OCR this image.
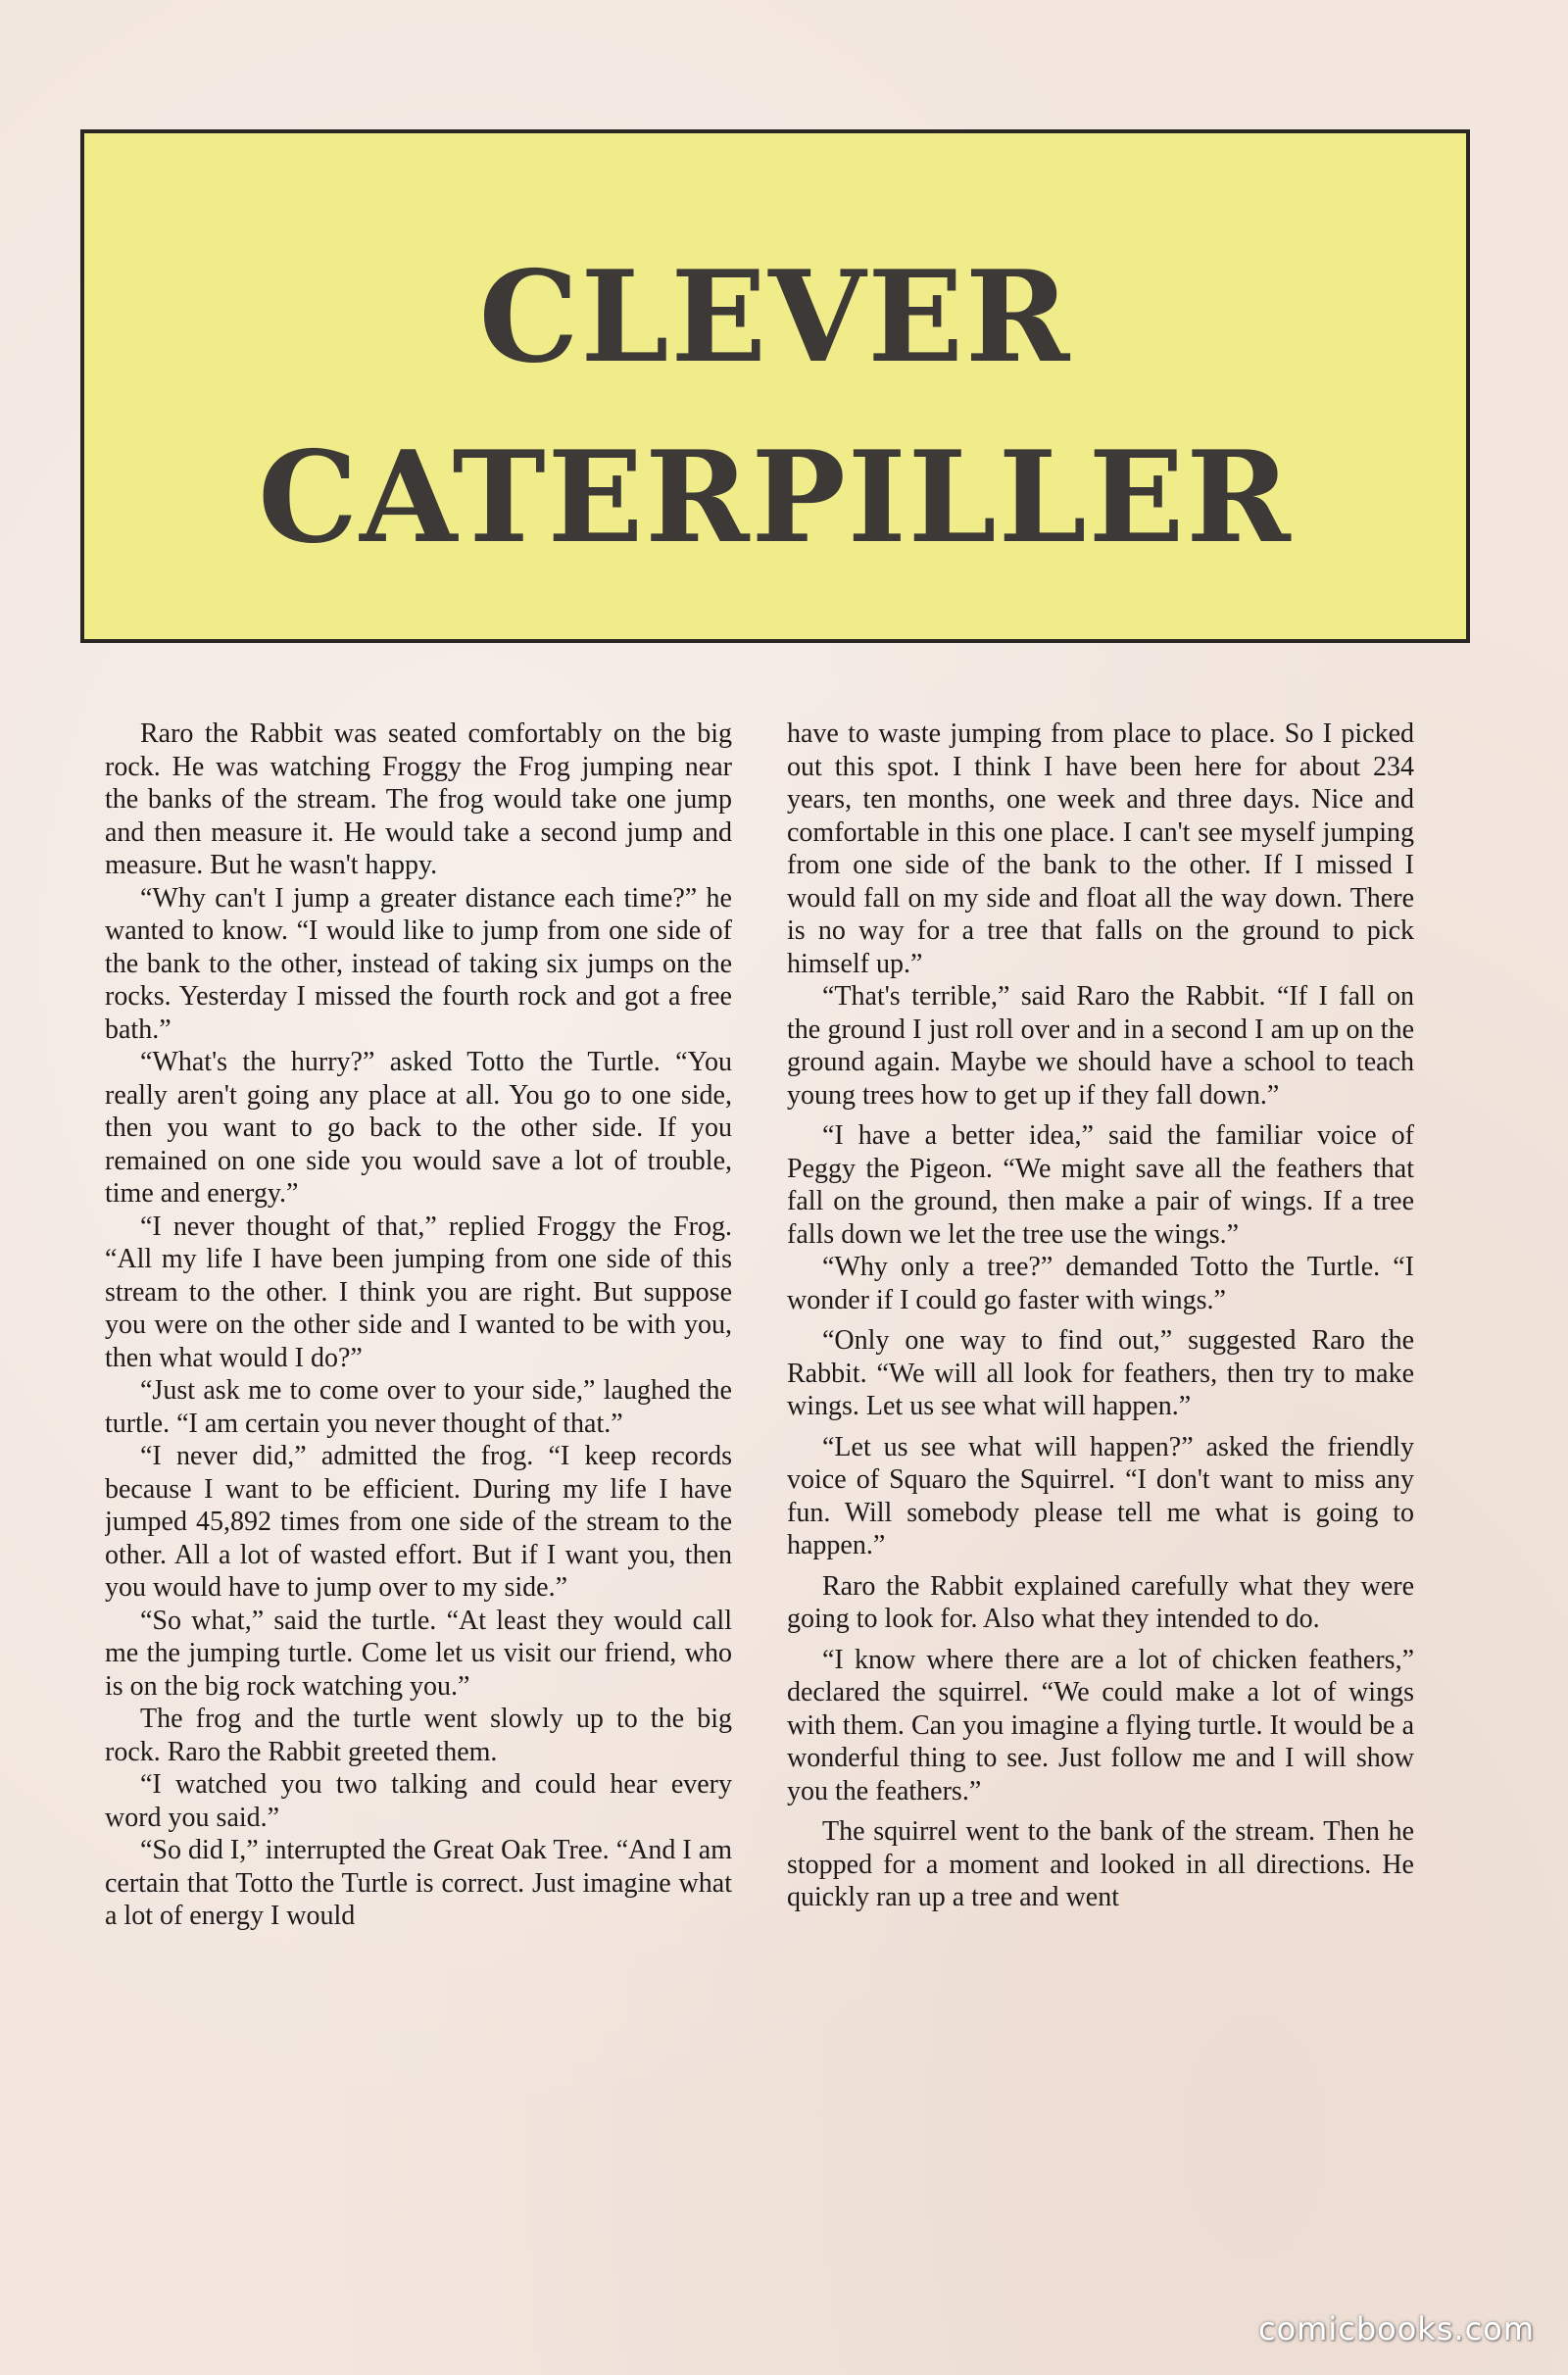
CLEVER
CATERPILLER

Raro the Rabbit was seated comfortably on the big rock. He was watching Froggy the Frog jumping near the banks of the stream. The frog would take one jump and then measure it. He would take a second jump and measure. But he wasn't happy.

“Why can't I jump a greater distance each time?” he wanted to know. “I would like to jump from one side of the bank to the other, instead of taking six jumps on the rocks. Yesterday I missed the fourth rock and got a free bath.”

“What's the hurry?” asked Totto the Turtle. “You really aren't going any place at all. You go to one side, then you want to go back to the other side. If you remained on one side you would save a lot of trouble, time and energy.”

“I never thought of that,” replied Froggy the Frog. “All my life I have been jumping from one side of this stream to the other. I think you are right. But suppose you were on the other side and I wanted to be with you, then what would I do?”

“Just ask me to come over to your side,” laughed the turtle. “I am certain you never thought of that.”

“I never did,” admitted the frog. “I keep records because I want to be efficient. During my life I have jumped 45,892 times from one side of the stream to the other. All a lot of wasted effort. But if I want you, then you would have to jump over to my side.”

“So what,” said the turtle. “At least they would call me the jumping turtle. Come let us visit our friend, who is on the big rock watching you.”

The frog and the turtle went slowly up to the big rock. Raro the Rabbit greeted them.

“I watched you two talking and could hear every word you said.”

“So did I,” interrupted the Great Oak Tree. “And I am certain that Totto the Turtle is correct. Just imagine what a lot of energy I would

have to waste jumping from place to place. So I picked out this spot. I think I have been here for about 234 years, ten months, one week and three days. Nice and comfortable in this one place. I can't see myself jumping from one side of the bank to the other. If I missed I would fall on my side and float all the way down. There is no way for a tree that falls on the ground to pick himself up.”

“That's terrible,” said Raro the Rabbit. “If I fall on the ground I just roll over and in a second I am up on the ground again. Maybe we should have a school to teach young trees how to get up if they fall down.”

“I have a better idea,” said the familiar voice of Peggy the Pigeon. “We might save all the feathers that fall on the ground, then make a pair of wings. If a tree falls down we let the tree use the wings.”

“Why only a tree?” demanded Totto the Turtle. “I wonder if I could go faster with wings.”

“Only one way to find out,” suggested Raro the Rabbit. “We will all look for feathers, then try to make wings. Let us see what will happen.”

“Let us see what will happen?” asked the friendly voice of Squaro the Squirrel. “I don't want to miss any fun. Will somebody please tell me what is going to happen.”

Raro the Rabbit explained carefully what they were going to look for. Also what they intended to do.

“I know where there are a lot of chicken feathers,” declared the squirrel. “We could make a lot of wings with them. Can you imagine a flying turtle. It would be a wonderful thing to see. Just follow me and I will show you the feathers.”

The squirrel went to the bank of the stream. Then he stopped for a moment and looked in all directions. He quickly ran up a tree and went

comicbooks.com
